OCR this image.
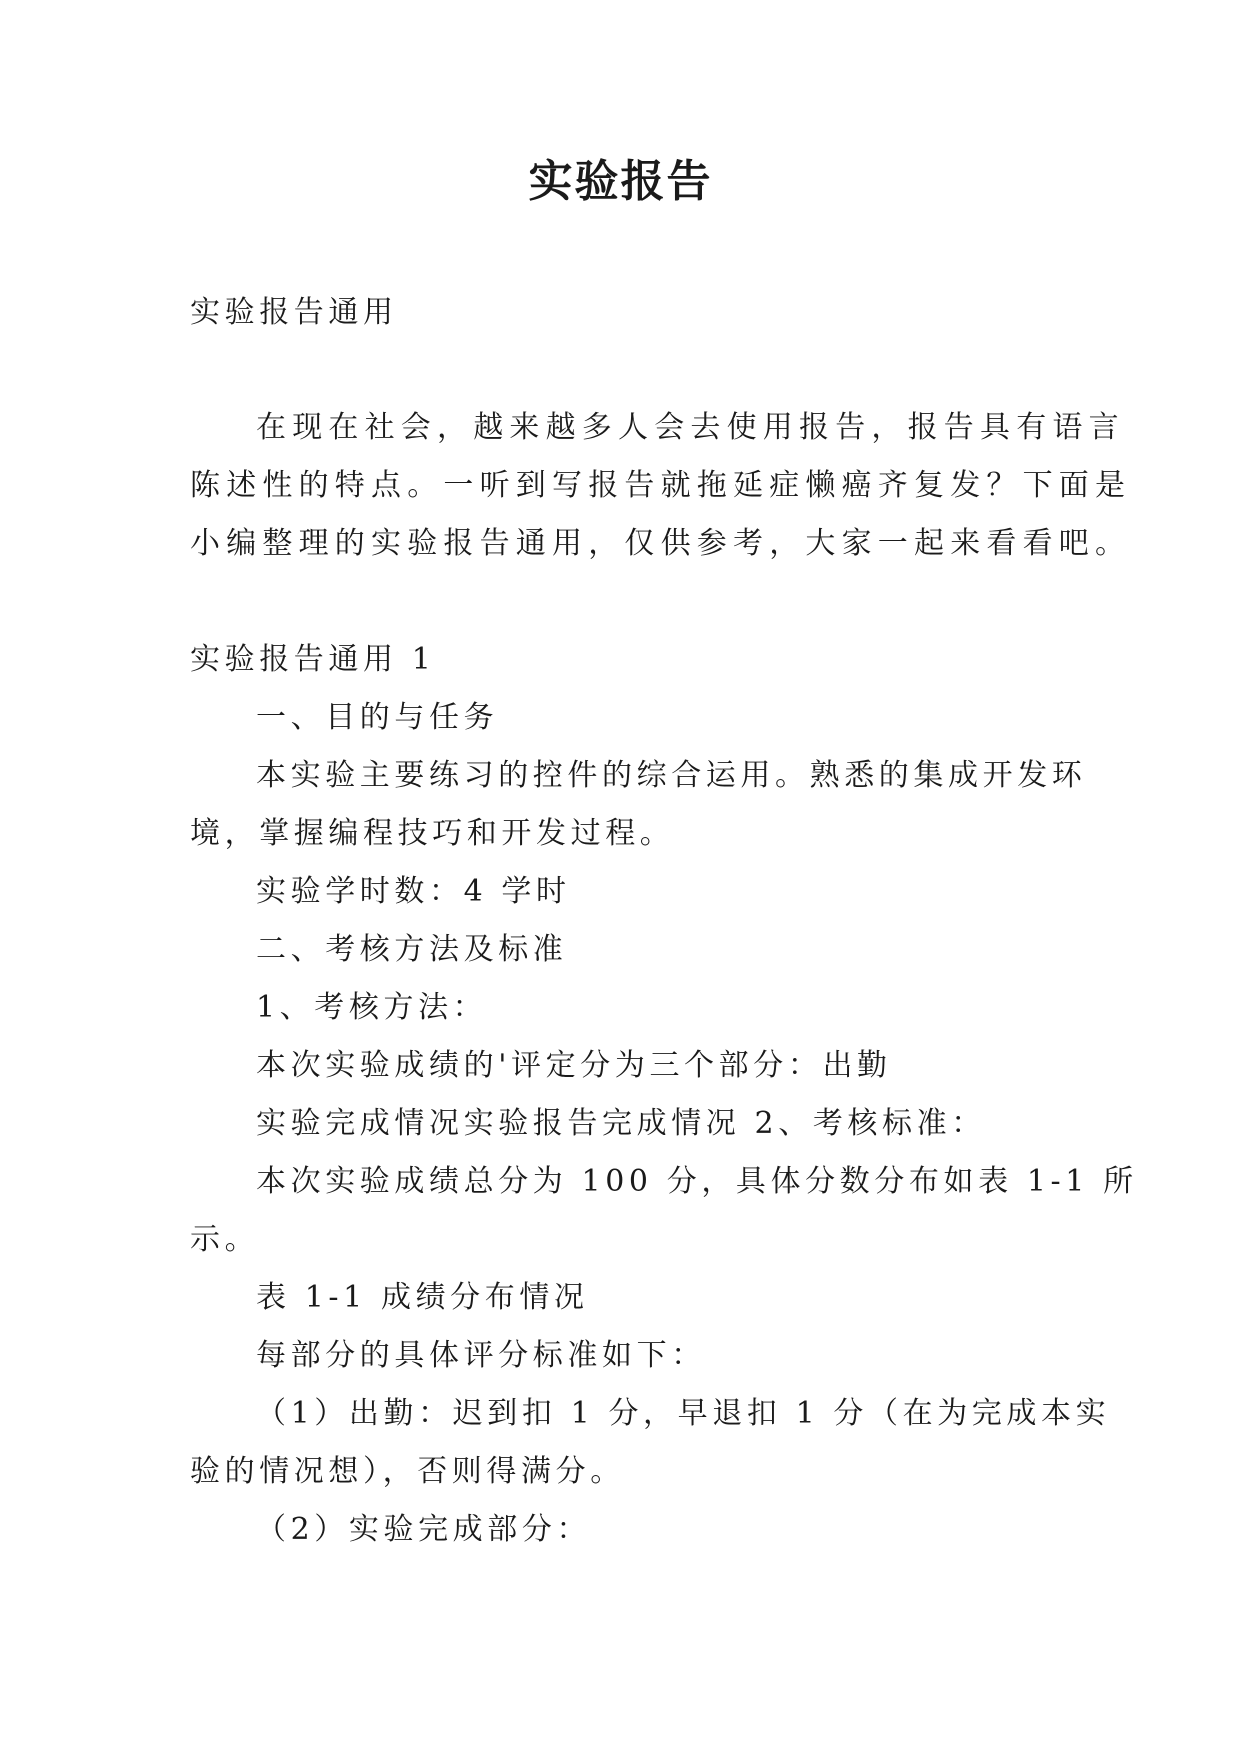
实验报告
实验报告通用
在现在社会，越来越多人会去使用报告，报告具有语言
陈述性的特点。一听到写报告就拖延症懒癌齐复发？下面是
小编整理的实验报告通用，仅供参考，大家一起来看看吧。
实验报告通用 1
一、目的与任务
本实验主要练习的控件的综合运用。熟悉的集成开发环
境，掌握编程技巧和开发过程。
实验学时数：4 学时
二、考核方法及标准
1、考核方法：
本次实验成绩的'评定分为三个部分：出勤
实验完成情况实验报告完成情况 2、考核标准：
本次实验成绩总分为 100 分，具体分数分布如表 1-1 所
示。
表 1-1 成绩分布情况
每部分的具体评分标准如下：
（1）出勤：迟到扣 1 分，早退扣 1 分（在为完成本实
验的情况想），否则得满分。
（2）实验完成部分：
